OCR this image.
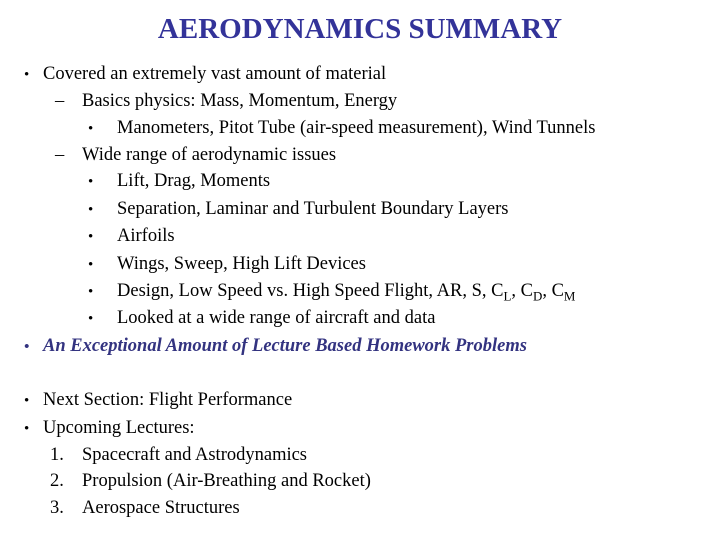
AERODYNAMICS SUMMARY
• Covered an extremely vast amount of material
– Basics physics: Mass, Momentum, Energy
•	Manometers, Pitot Tube (air-speed measurement), Wind Tunnels
– Wide range of aerodynamic issues
•	Lift, Drag, Moments
•	Separation, Laminar and Turbulent Boundary Layers
•	Airfoils
•	Wings, Sweep, High Lift Devices
•	Design, Low Speed vs. High Speed Flight, AR, S, $C_L$, $C_D$, $C_M$
•	Looked at a wide range of aircraft and data
• An Exceptional Amount of Lecture Based Homework Problems
• Next Section: Flight Performance
• Upcoming Lectures:
1. Spacecraft and Astrodynamics
2. Propulsion (Air-Breathing and Rocket)
3. Aerospace Structures
